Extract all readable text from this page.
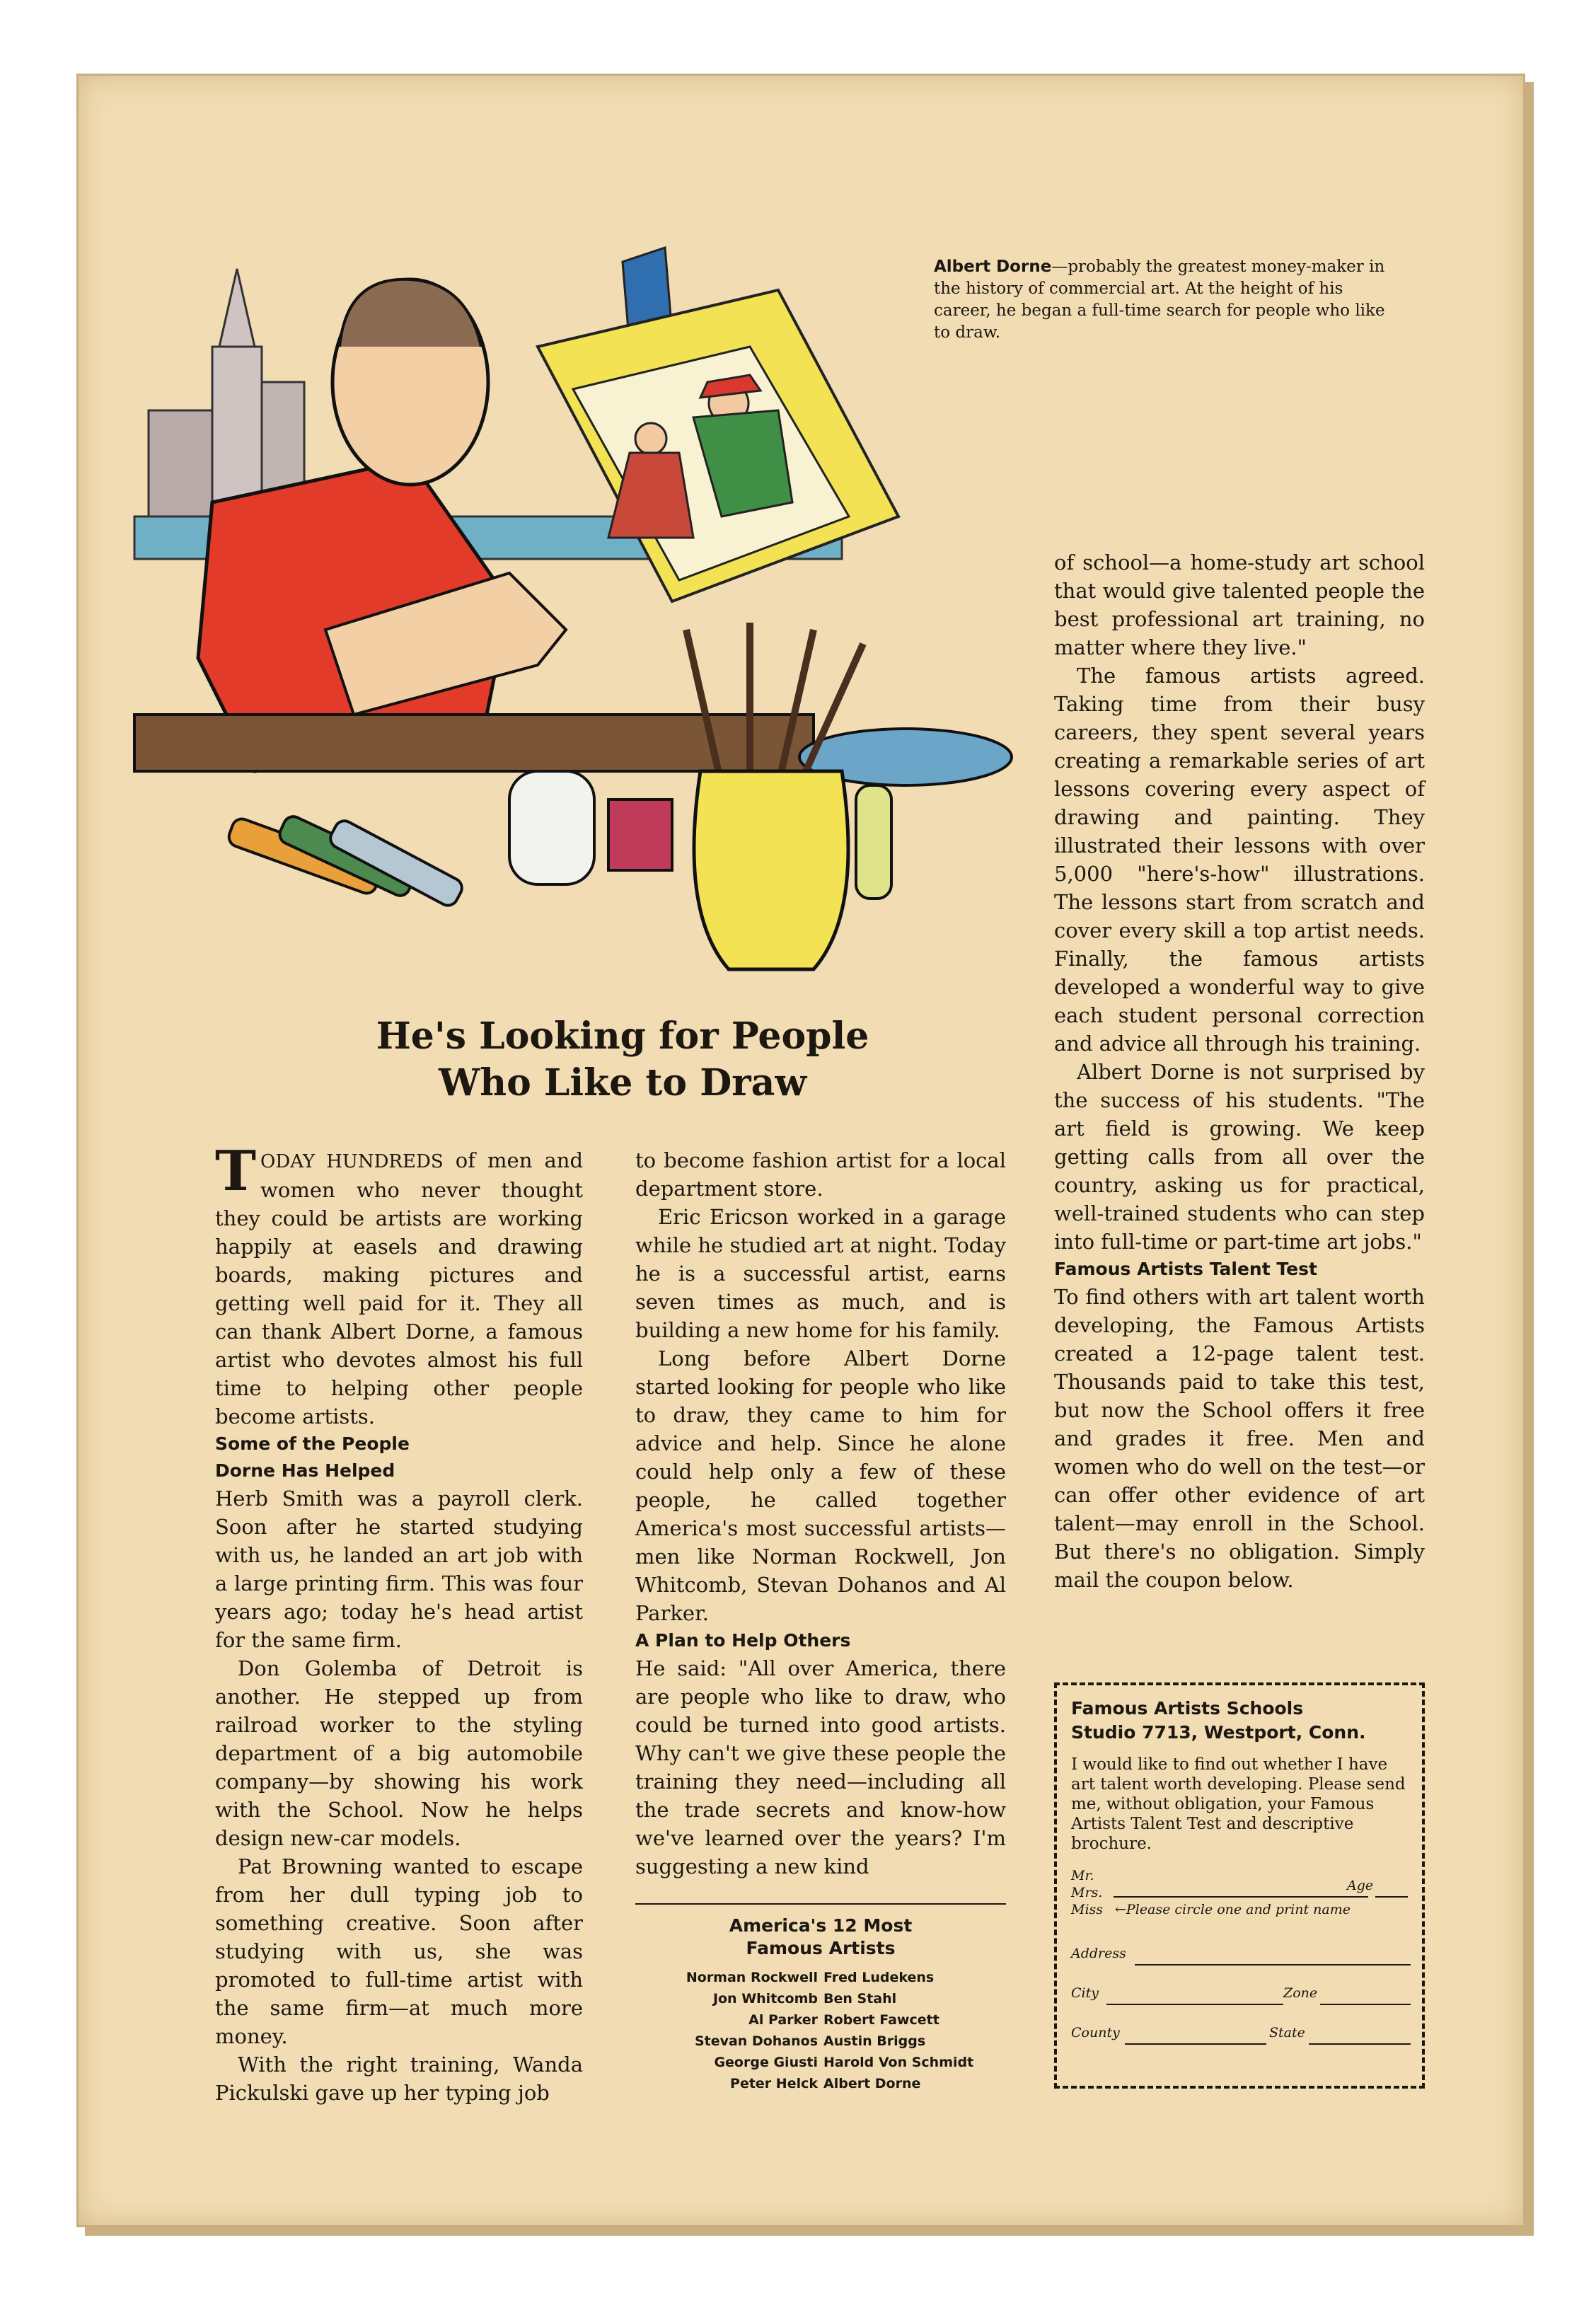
Albert Dorne—probably the greatest money-maker in the history of commercial art. At the height of his career, he began a full-time search for people who like to draw.
He's Looking for People
Who Like to Draw

TODAY HUNDREDS of men and women who never thought they could be artists are working happily at easels and drawing boards, making pictures and getting well paid for it. They all can thank Albert Dorne, a famous artist who devotes almost his full time to helping other people become artists.

Some of the People

Dorne Has Helped

Herb Smith was a payroll clerk. Soon after he started studying with us, he landed an art job with a large printing firm. This was four years ago; today he's head artist for the same firm.

Don Golemba of Detroit is another. He stepped up from railroad worker to the styling department of a big automobile company—by showing his work with the School. Now he helps design new-car models.

Pat Browning wanted to escape from her dull typing job to something creative. Soon after studying with us, she was promoted to full-time artist with the same firm—at much more money.

With the right training, Wanda Pickulski gave up her typing job

to become fashion artist for a local department store.

Eric Ericson worked in a garage while he studied art at night. Today he is a successful artist, earns seven times as much, and is building a new home for his family.

Long before Albert Dorne started looking for people who like to draw, they came to him for advice and help. Since he alone could help only a few of these people, he called together America's most successful artists—men like Norman Rockwell, Jon Whitcomb, Stevan Dohanos and Al Parker.

A Plan to Help Others

He said: "All over America, there are people who like to draw, who could be turned into good artists. Why can't we give these people the training they need—including all the trade secrets and know-how we've learned over the years? I'm suggesting a new kind

America's 12 Most
Famous Artists
Norman Rockwell	Fred Ludekens
Jon Whitcomb	Ben Stahl
Al Parker	Robert Fawcett
Stevan Dohanos	Austin Briggs
George Giusti	Harold Von Schmidt
Peter Helck	Albert Dorne

of school—a home-study art school that would give talented people the best professional art training, no matter where they live."

The famous artists agreed. Taking time from their busy careers, they spent several years creating a remarkable series of art lessons covering every aspect of drawing and painting. They illustrated their lessons with over 5,000 "here's-how" illustrations. The lessons start from scratch and cover every skill a top artist needs. Finally, the famous artists developed a wonderful way to give each student personal correction and advice all through his training.

Albert Dorne is not surprised by the success of his students. "The art field is growing. We keep getting calls from all over the country, asking us for practical, well-trained students who can step into full-time or part-time art jobs."

Famous Artists Talent Test

To find others with art talent worth developing, the Famous Artists created a 12-page talent test. Thousands paid to take this test, but now the School offers it free and grades it free. Men and women who do well on the test—or can offer other evidence of art talent—may enroll in the School. But there's no obligation. Simply mail the coupon below.

Famous Artists Schools
Studio 7713, Westport, Conn.
I would like to find out whether I have art talent worth developing. Please send me, without obligation, your Famous Artists Talent Test and descriptive brochure.
Mr.
Mrs.
Miss
Age
←Please circle one and print name
Address
City	Zone
County	State
